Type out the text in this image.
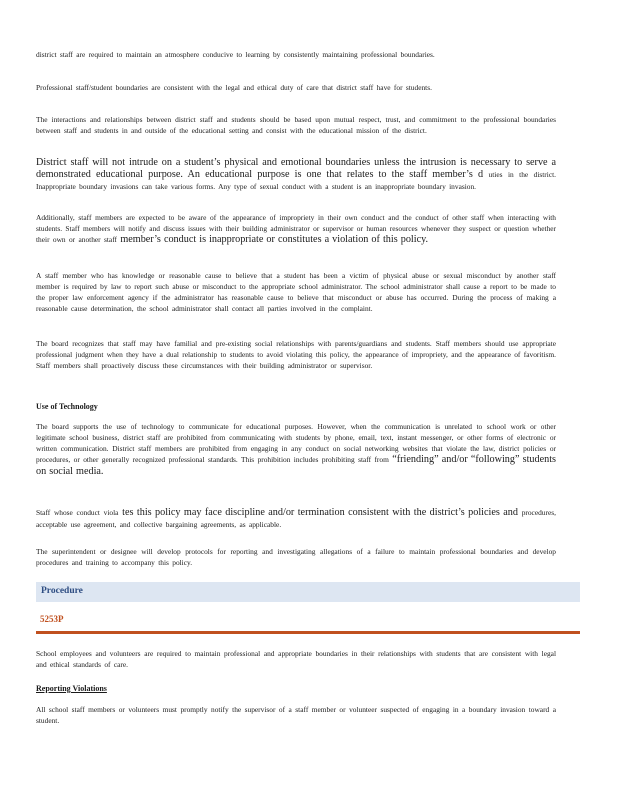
district staff are required to maintain an atmosphere conducive to learning by consistently maintaining professional boundaries.

Professional staff/student boundaries are consistent with the legal and ethical duty of care that district staff have for students.

The interactions and relationships between district staff and students should be based upon mutual respect, trust, and commitment to the professional boundaries between staff and students in and outside of the educational setting and consist with the educational mission of the district.

District staff will not intrude on a student’s physical and emotional boundaries unless the intrusion is necessary to serve a demonstrated educational purpose. An educational purpose is one that relates to the staff member’s d uties in the district. Inappropriate boundary invasions can take various forms. Any type of sexual conduct with a student is an inappropriate boundary invasion.

Additionally, staff members are expected to be aware of the appearance of impropriety in their own conduct and the conduct of other staff when interacting with students. Staff members will notify and discuss issues with their building administrator or supervisor or human resources whenever they suspect or question whether their own or another staff member’s conduct is inappropriate or constitutes a violation of this policy.

A staff member who has knowledge or reasonable cause to believe that a student has been a victim of physical abuse or sexual misconduct by another staff member is required by law to report such abuse or misconduct to the appropriate school administrator. The school administrator shall cause a report to be made to the proper law enforcement agency if the administrator has reasonable cause to believe that misconduct or abuse has occurred. During the process of making a reasonable cause determination, the school administrator shall contact all parties involved in the complaint.

The board recognizes that staff may have familial and pre-existing social relationships with parents/guardians and students. Staff members should use appropriate professional judgment when they have a dual relationship to students to avoid violating this policy, the appearance of impropriety, and the appearance of favoritism. Staff members shall proactively discuss these circumstances with their building administrator or supervisor.

Use of Technology

The board supports the use of technology to communicate for educational purposes. However, when the communication is unrelated to school work or other legitimate school business, district staff are prohibited from communicating with students by phone, email, text, instant messenger, or other forms of electronic or written communication. District staff members are prohibited from engaging in any conduct on social networking websites that violate the law, district policies or procedures, or other generally recognized professional standards. This prohibition includes prohibiting staff from “friending” and/or “following” students on social media.

Staff whose conduct viola tes this policy may face discipline and/or termination consistent with the district’s policies and procedures, acceptable use agreement, and collective bargaining agreements, as applicable.

The superintendent or designee will develop protocols for reporting and investigating allegations of a failure to maintain professional boundaries and develop procedures and training to accompany this policy.

Procedure
5253P

School employees and volunteers are required to maintain professional and appropriate boundaries in their relationships with students that are consistent with legal and ethical standards of care.

Reporting Violations

All school staff members or volunteers must promptly notify the supervisor of a staff member or volunteer suspected of engaging in a boundary invasion toward a student.
